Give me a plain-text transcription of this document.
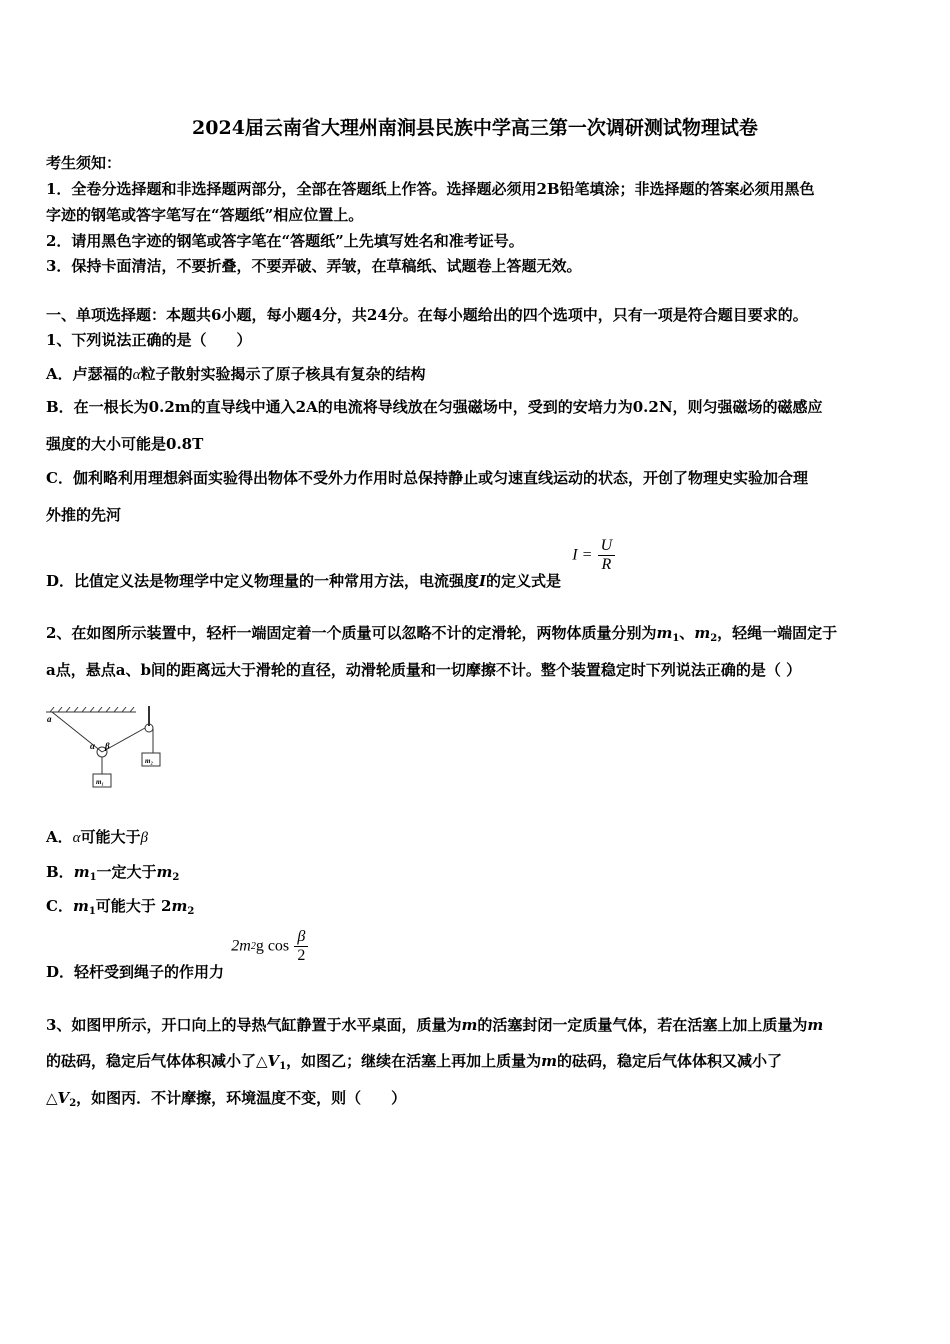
2024届云南省大理州南涧县民族中学高三第一次调研测试物理试卷
考生须知：
1．全卷分选择题和非选择题两部分，全部在答题纸上作答。选择题必须用2B铅笔填涂；非选择题的答案必须用黑色
字迹的钢笔或答字笔写在“答题纸”相应位置上。
2．请用黑色字迹的钢笔或答字笔在“答题纸”上先填写姓名和准考证号。
3．保持卡面清洁，不要折叠，不要弄破、弄皱，在草稿纸、试题卷上答题无效。
一、单项选择题：本题共6小题，每小题4分，共24分。在每小题给出的四个选项中，只有一项是符合题目要求的。
1、下列说法正确的是（　　）
A．卢瑟福的α粒子散射实验揭示了原子核具有复杂的结构
B．在一根长为0.2m的直导线中通入2A的电流将导线放在匀强磁场中，受到的安培力为0.2N，则匀强磁场的磁感应
强度的大小可能是0.8T
C．伽利略利用理想斜面实验得出物体不受外力作用时总保持静止或匀速直线运动的状态，开创了物理史实验加合理
外推的先河
D．比值定义法是物理学中定义物理量的一种常用方法，电流强度I的定义式是 $I = \frac{U}{R}$
2、在如图所示装置中，轻杆一端固定着一个质量可以忽略不计的定滑轮，两物体质量分别为$m_1$、$m_2$，轻绳一端固定于
a点，悬点a、b间的距离远大于滑轮的直径，动滑轮质量和一切摩擦不计。整个装置稳定时下列说法正确的是（ ）
a
α β
m₁
m₂
A．α可能大于β
B．$m_1$一定大于$m_2$
C．$m_1$可能大于 $2m_2$
D．轻杆受到绳子的作用力 2m2g $\cos \frac{\beta}{2}$
3、如图甲所示，开口向上的导热气缸静置于水平桌面，质量为m的活塞封闭一定质量气体，若在活塞上加上质量为m
的砝码，稳定后气体体积减小了$\triangle V_1$，如图乙；继续在活塞上再加上质量为m的砝码，稳定后气体体积又减小了
$\triangle V_2$，如图丙．不计摩擦，环境温度不变，则（　　）
